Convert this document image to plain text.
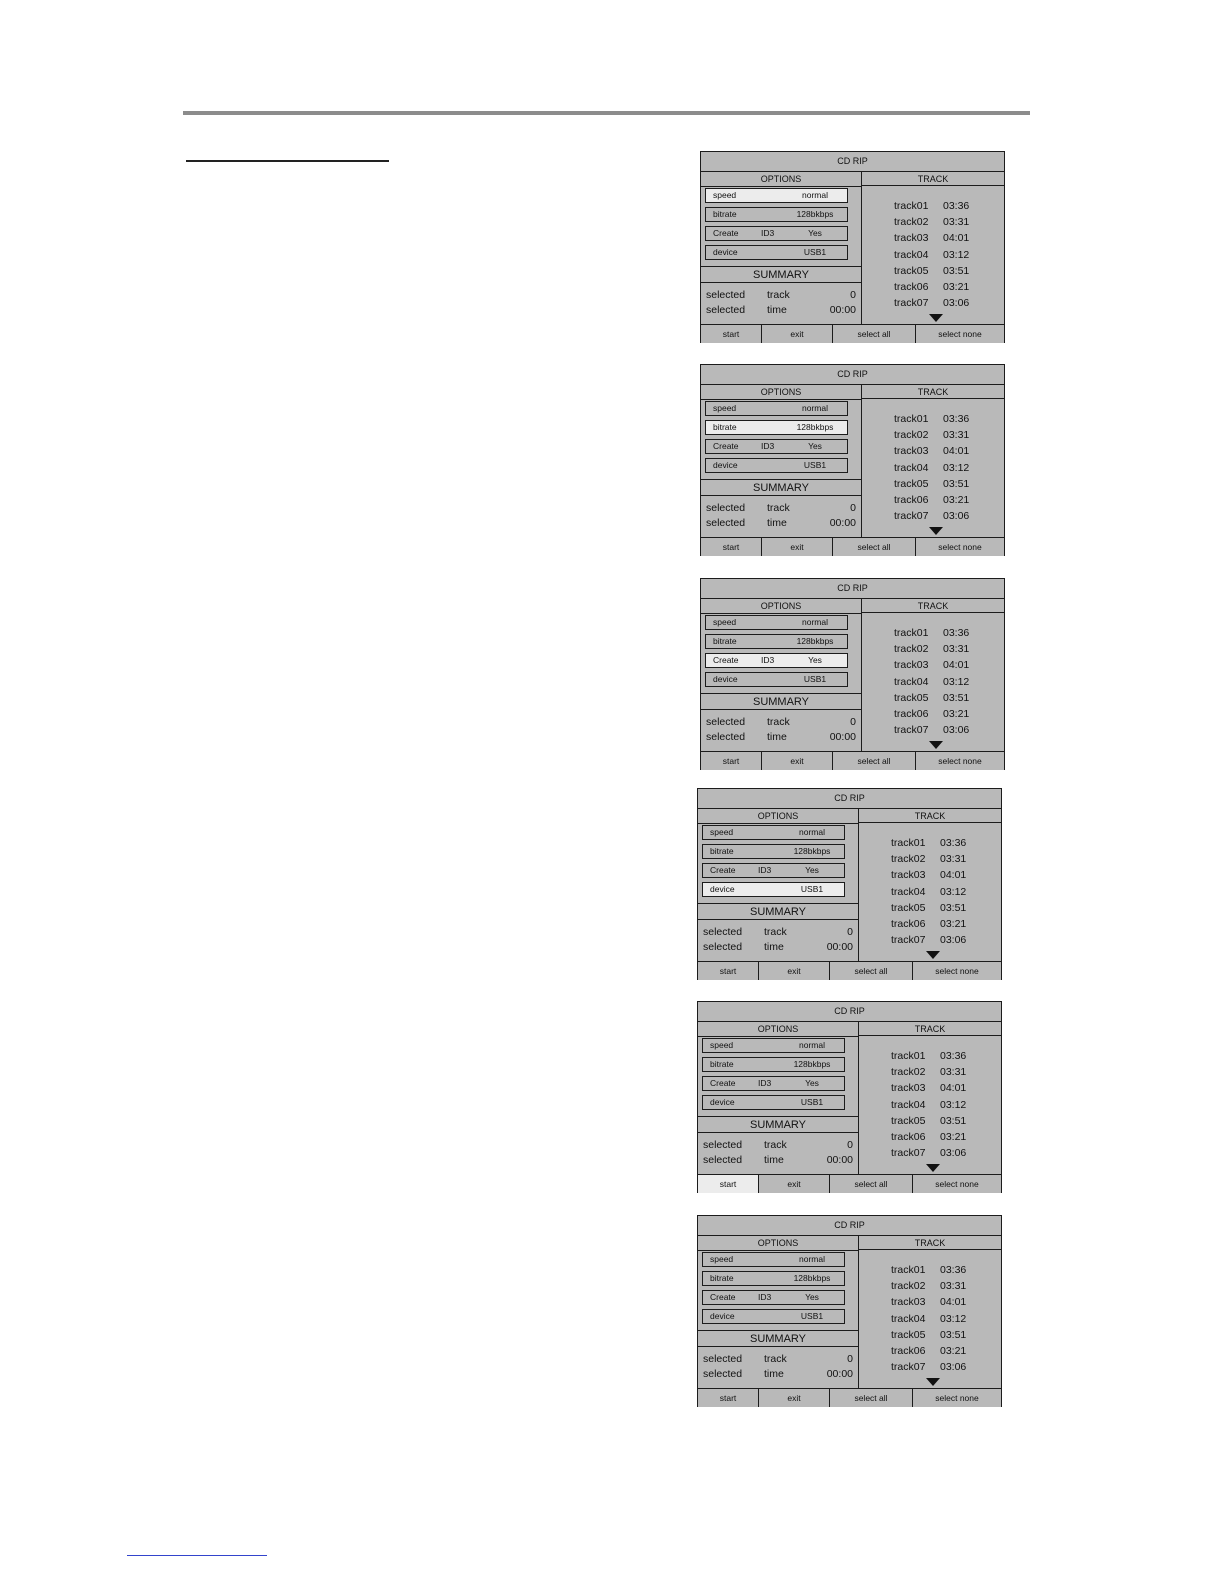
CD RIP
OPTIONS	TRACK
speed	normal
bitrate	128bkbps
Create	ID3	Yes
device	USB1
SUMMARY
selected track	0
selected time	00:00
track01 03:36
track02 03:31
track03 04:01
track04 03:12
track05 03:51
track06 03:21
track07 03:06
start	exit	select all	select none
CD RIP
OPTIONS	TRACK
speed	normal
bitrate	128bkbps
Create	ID3	Yes
device	USB1
SUMMARY
selected track	0
selected time	00:00
track01 03:36
track02 03:31
track03 04:01
track04 03:12
track05 03:51
track06 03:21
track07 03:06
start	exit	select all	select none
CD RIP
OPTIONS	TRACK
speed	normal
bitrate	128bkbps
Create	ID3	Yes
device	USB1
SUMMARY
selected track	0
selected time	00:00
track01 03:36
track02 03:31
track03 04:01
track04 03:12
track05 03:51
track06 03:21
track07 03:06
start	exit	select all	select none
CD RIP
OPTIONS	TRACK
speed	normal
bitrate	128bkbps
Create	ID3	Yes
device	USB1
SUMMARY
selected track	0
selected time	00:00
track01 03:36
track02 03:31
track03 04:01
track04 03:12
track05 03:51
track06 03:21
track07 03:06
start	exit	select all	select none
CD RIP
OPTIONS	TRACK
speed	normal
bitrate	128bkbps
Create	ID3	Yes
device	USB1
SUMMARY
selected track	0
selected time	00:00
track01 03:36
track02 03:31
track03 04:01
track04 03:12
track05 03:51
track06 03:21
track07 03:06
start	exit	select all	select none
CD RIP
OPTIONS	TRACK
speed	normal
bitrate	128bkbps
Create	ID3	Yes
device	USB1
SUMMARY
selected track	0
selected time	00:00
track01 03:36
track02 03:31
track03 04:01
track04 03:12
track05 03:51
track06 03:21
track07 03:06
start	exit	select all	select none
